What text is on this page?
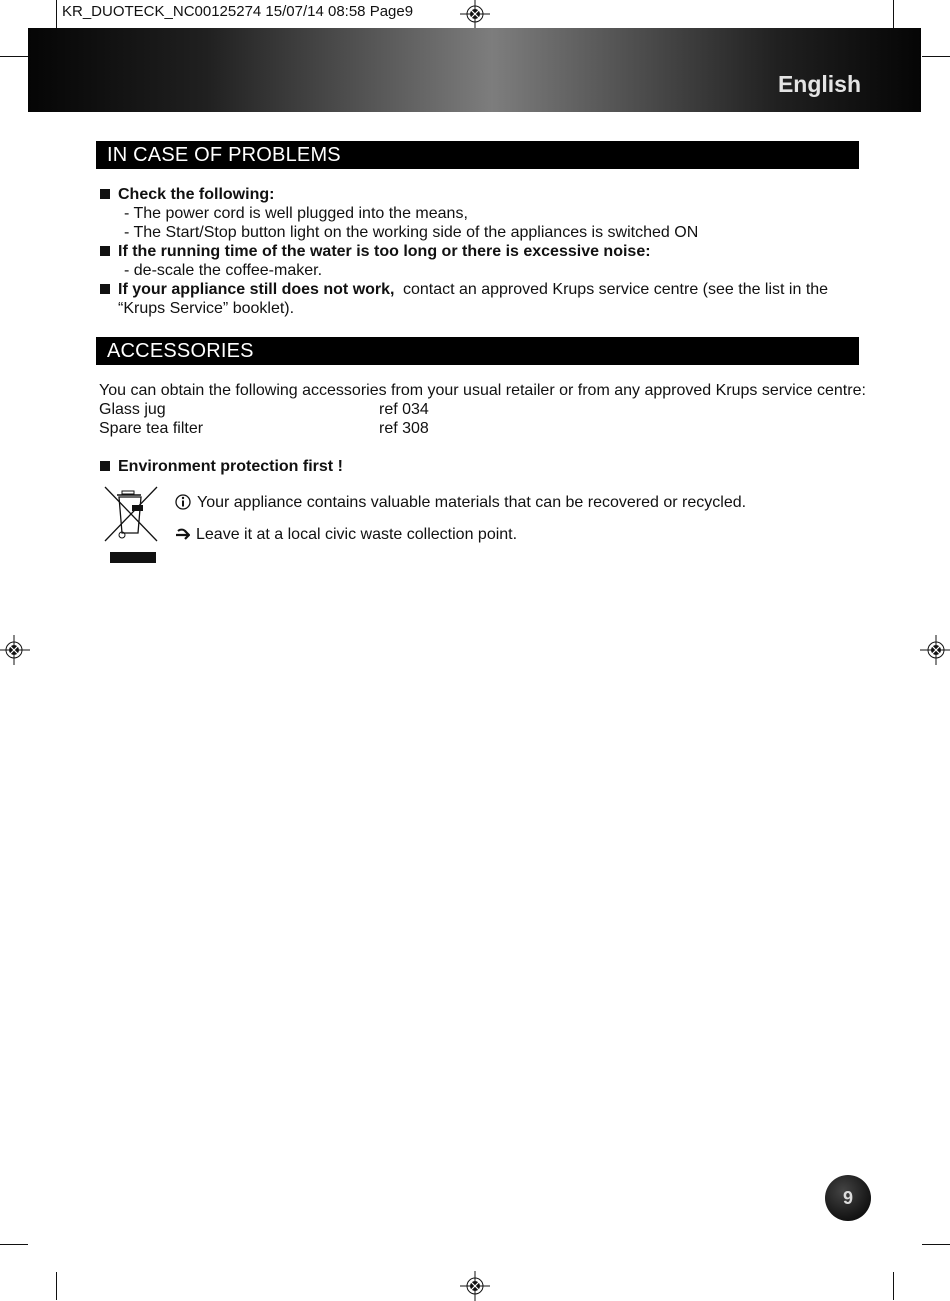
KR_DUOTECK_NC00125274 15/07/14 08:58 Page9
English
IN CASE OF PROBLEMS
Check the following:
- The power cord is well plugged into the means,
- The Start/Stop button light on the working side of the appliances is switched ON
If the running time of the water is too long or there is excessive noise:
- de-scale the coffee-maker.
If your appliance still does not work, contact an approved Krups service centre (see the list in the
“Krups Service” booklet).
ACCESSORIES
You can obtain the following accessories from your usual retailer or from any approved Krups service centre:
Glass jug	ref 034
Spare tea filter	ref 308
Environment protection first !
Your appliance contains valuable materials that can be recovered or recycled.
Leave it at a local civic waste collection point.
9
